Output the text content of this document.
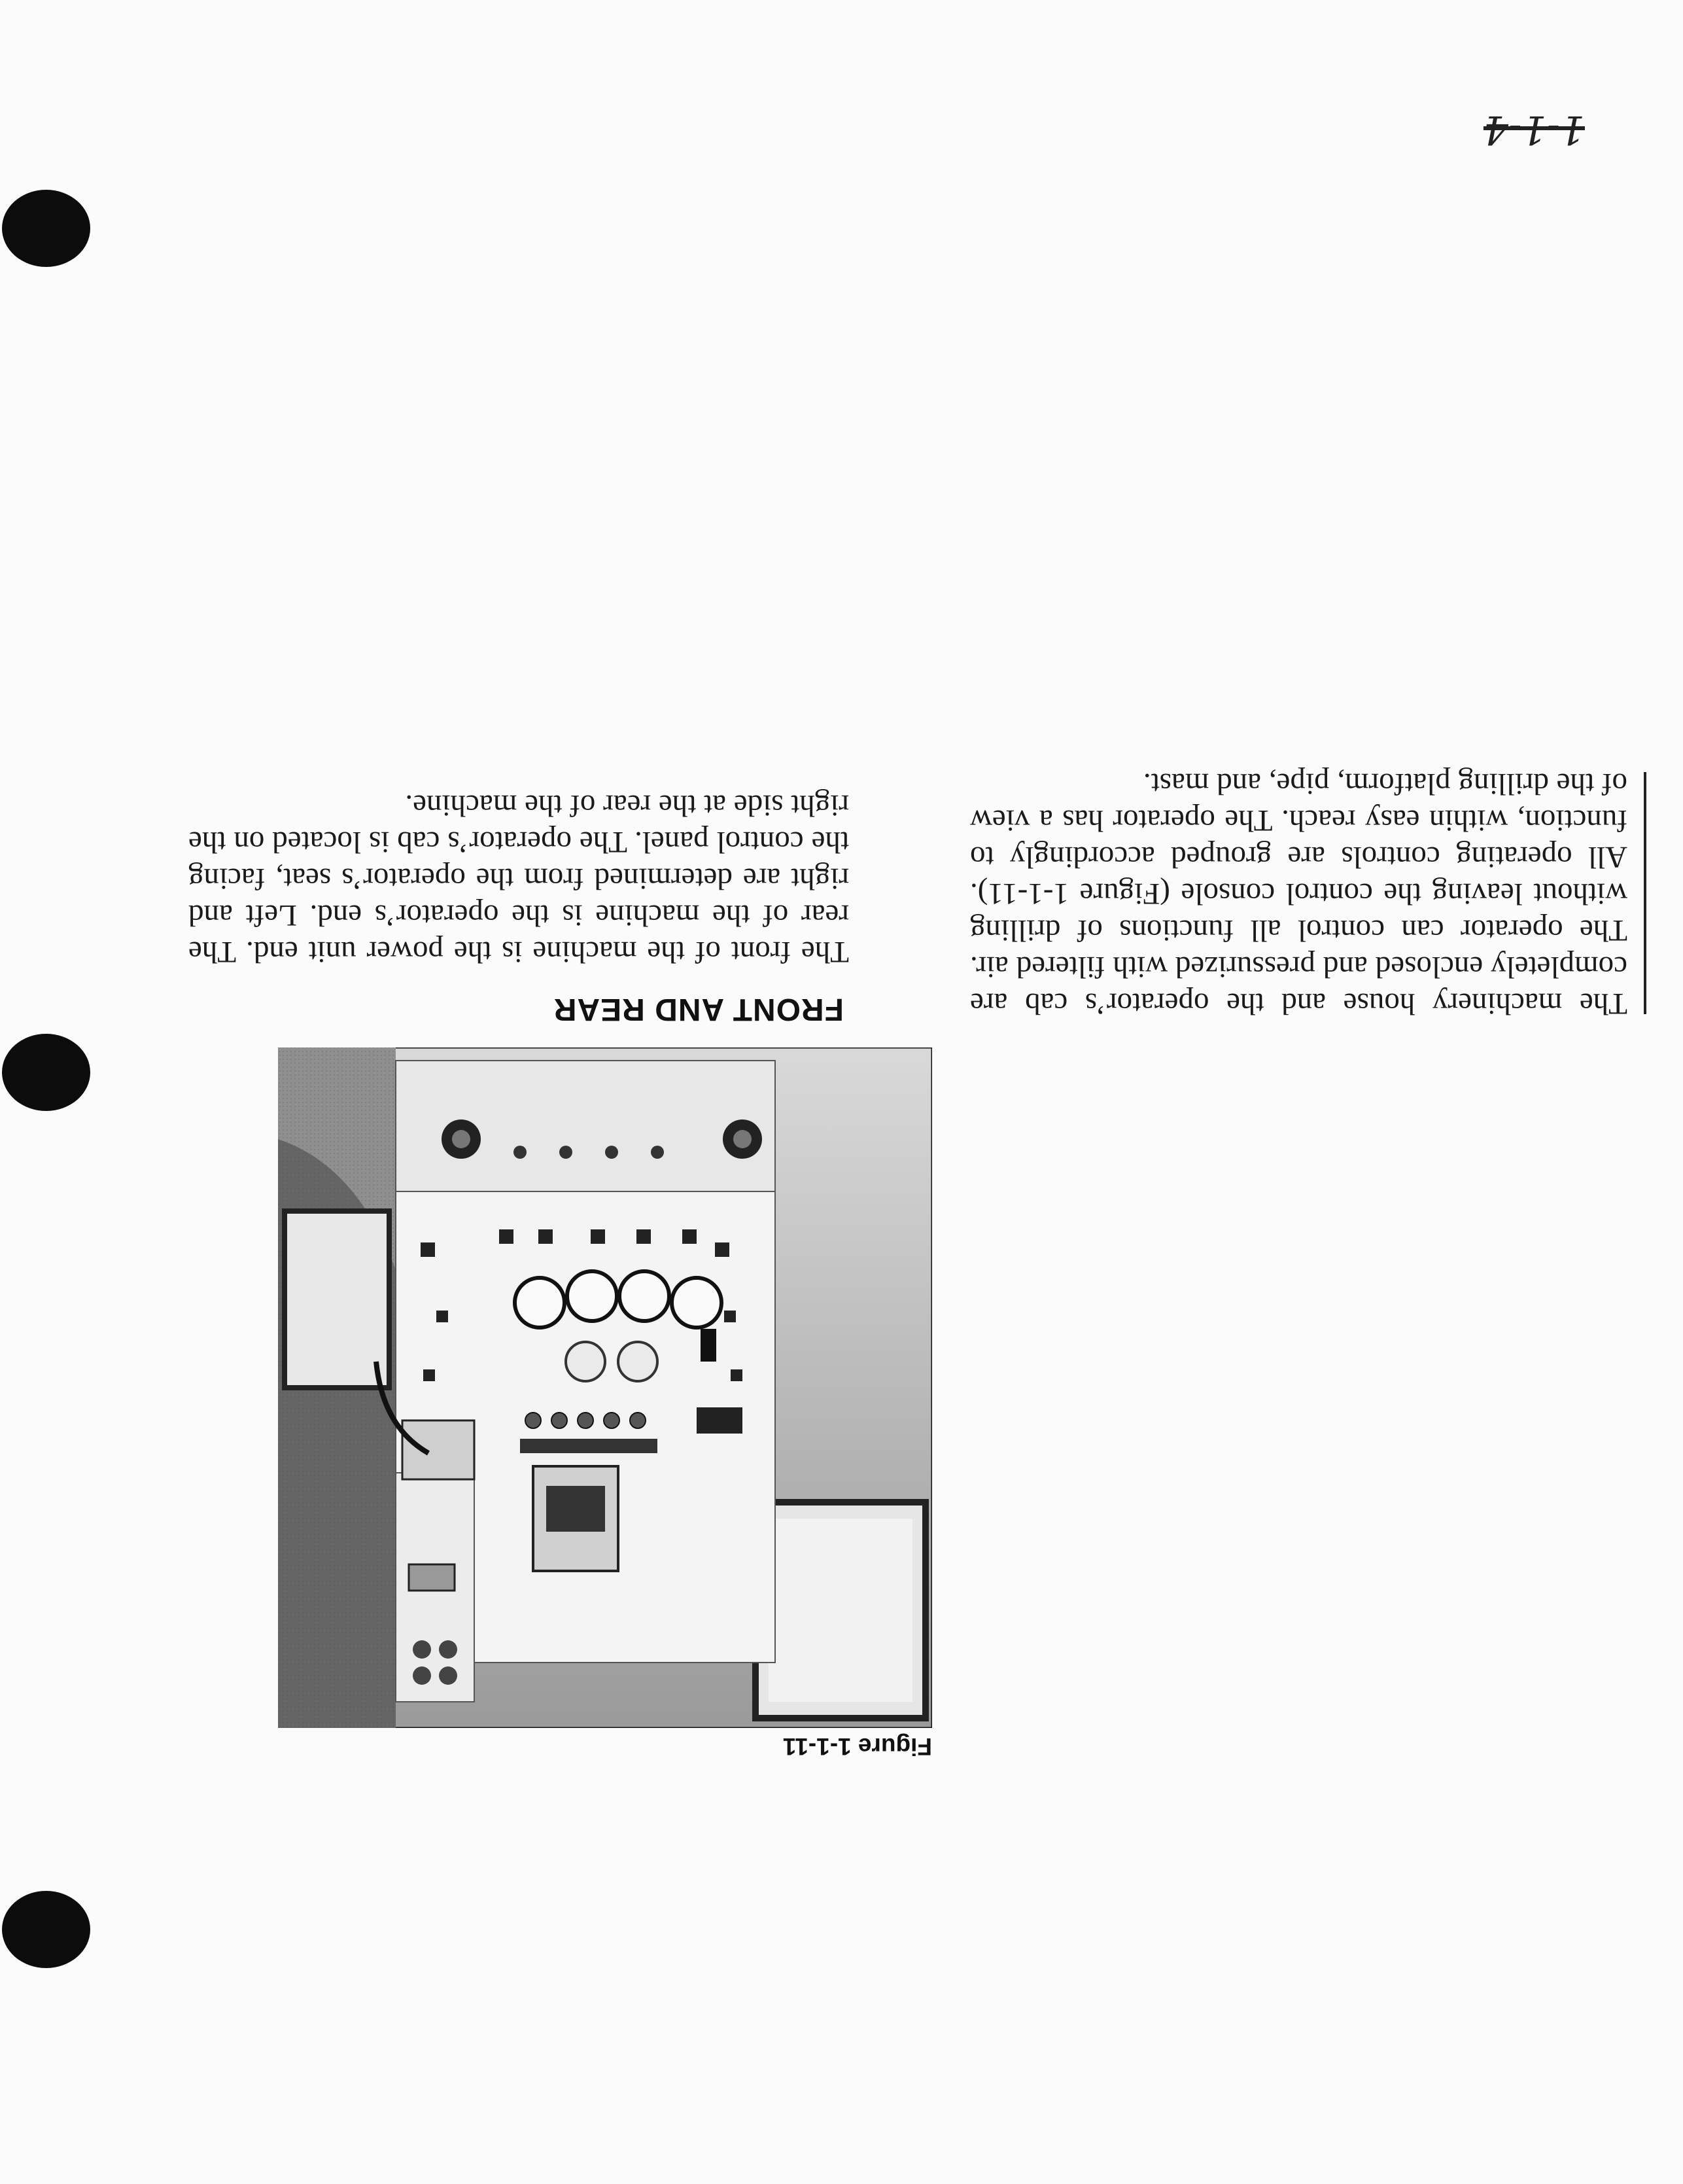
FRONT AND REAR

The front of the machine is the power unit end. The rear of the machine is the operator’s end. Left and right are determined from the operator’s seat, facing the control panel. The operator’s cab is located on the right side at the rear of the machine.

The machinery house and the operator’s cab are completely enclosed and pressurized with filtered air. The operator can control all functions of drilling without leaving the control console (Figure 1-1-11). All operating controls are grouped accordingly to function, within easy reach. The operator has a view of the drilling platform, pipe, and mast.

Figure 1-1-11
1-1-4
